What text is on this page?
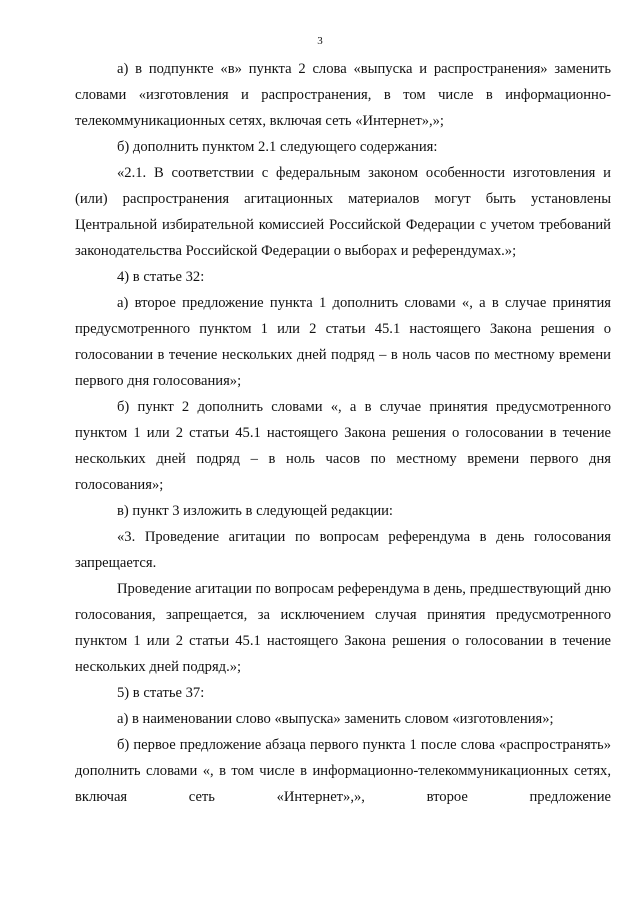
3

а) в подпункте «в» пункта 2 слова «выпуска и распространения» заменить словами «изготовления и распространения, в том числе в информационно-телекоммуникационных сетях, включая сеть «Интернет»,»;

б) дополнить пунктом 2.1 следующего содержания:

«2.1. В соответствии с федеральным законом особенности изготовления и (или) распространения агитационных материалов могут быть установлены Центральной избирательной комиссией Российской Федерации с учетом требований законодательства Российской Федерации о выборах и референдумах.»;

4) в статье 32:

а) второе предложение пункта 1 дополнить словами «, а в случае принятия предусмотренного пунктом 1 или 2 статьи 45.1 настоящего Закона решения о голосовании в течение нескольких дней подряд – в ноль часов по местному времени первого дня голосования»;

б) пункт 2 дополнить словами «, а в случае принятия предусмотренного пунктом 1 или 2 статьи 45.1 настоящего Закона решения о голосовании в течение нескольких дней подряд – в ноль часов по местному времени первого дня голосования»;

в) пункт 3 изложить в следующей редакции:

«3. Проведение агитации по вопросам референдума в день голосования запрещается.

Проведение агитации по вопросам референдума в день, предшествующий дню голосования, запрещается, за исключением случая принятия предусмотренного пунктом 1 или 2 статьи 45.1 настоящего Закона решения о голосовании в течение нескольких дней подряд.»;

5) в статье 37:

а) в наименовании слово «выпуска» заменить словом «изготовления»;

б) первое предложение абзаца первого пункта 1 после слова «распространять» дополнить словами «, в том числе в информационно-телекоммуникационных сетях, включая сеть «Интернет»,», второе предложение
